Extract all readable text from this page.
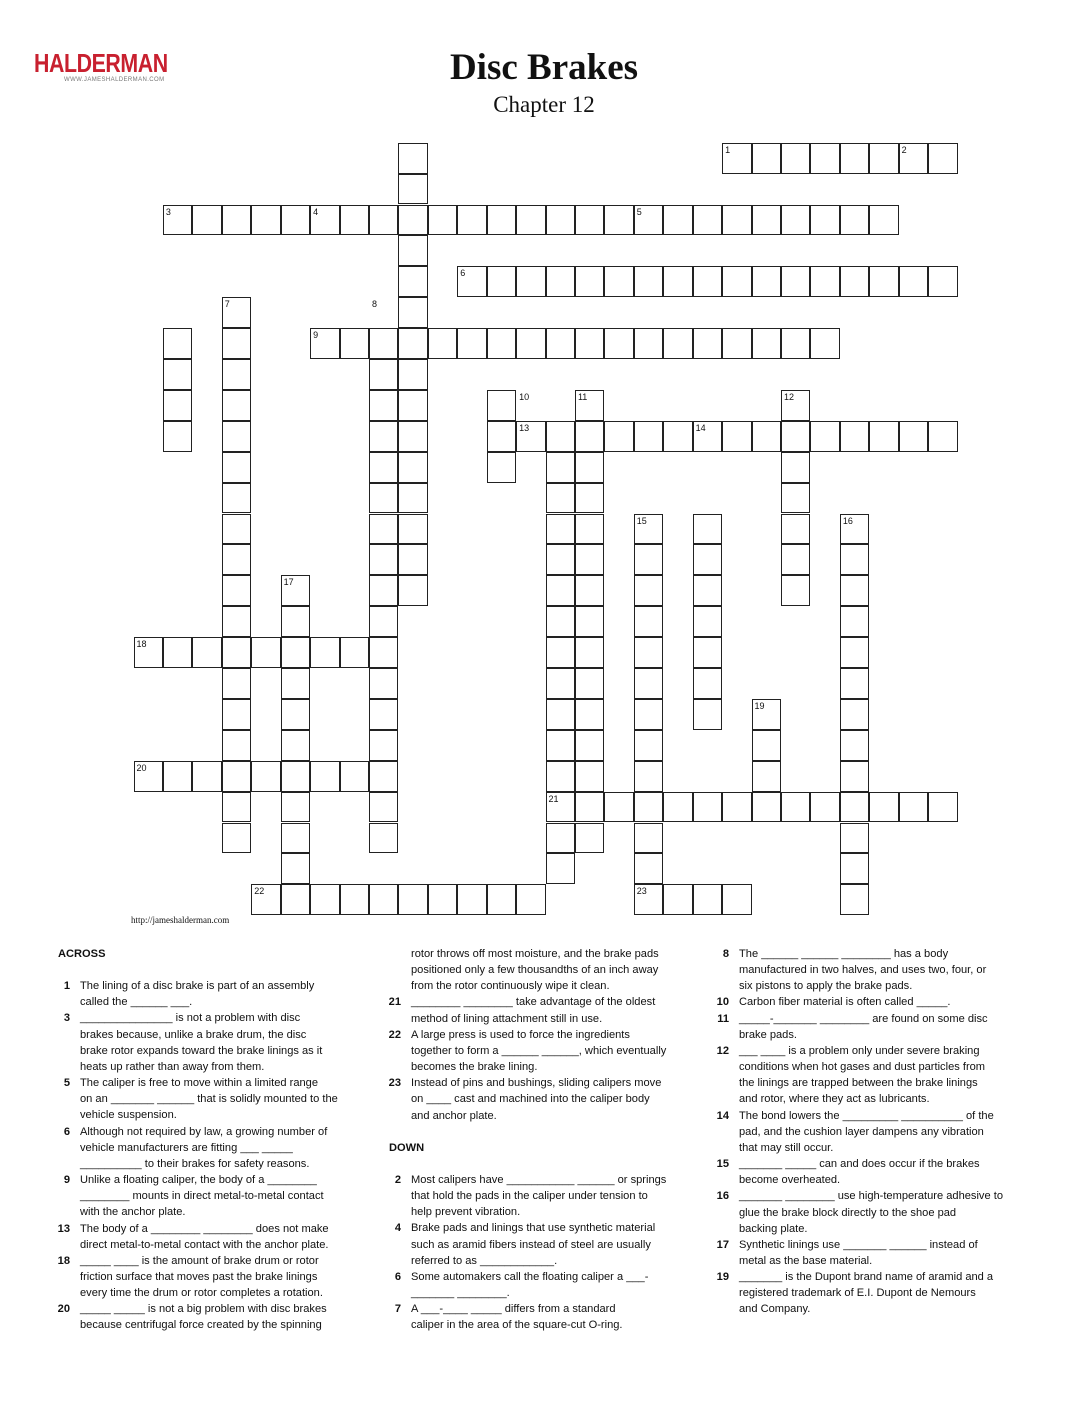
HALDERMAN
WWW.JAMESHALDERMAN.COM	Disc Brakes
Chapter 12
1	2
3	4	5
6
7	8
9
10	11	12
13	14
15	16
17
18
19
20
21
22	23
http://jameshalderman.com
ACROSS
1 The lining of a disc brake is part of an assembly
called the ______ ___.
3 _______________ is not a problem with disc
brakes because, unlike a brake drum, the disc
brake rotor expands toward the brake linings as it
heats up rather than away from them.
5 The caliper is free to move within a limited range
on an _______ ______ that is solidly mounted to the
vehicle suspension.
6 Although not required by law, a growing number of
vehicle manufacturers are fitting ___ _____
__________ to their brakes for safety reasons.
9 Unlike a floating caliper, the body of a ________
________ mounts in direct metal-to-metal contact
with the anchor plate.
13 The body of a ________ ________ does not make
direct metal-to-metal contact with the anchor plate.
18 _____ ____ is the amount of brake drum or rotor
friction surface that moves past the brake linings
every time the drum or rotor completes a rotation.
20 _____ _____ is not a big problem with disc brakes
because centrifugal force created by the spinning
rotor throws off most moisture, and the brake pads
positioned only a few thousandths of an inch away
from the rotor continuously wipe it clean.
21 ________ ________ take advantage of the oldest
method of lining attachment still in use.
22 A large press is used to force the ingredients
together to form a ______ ______, which eventually
becomes the brake lining.
23 Instead of pins and bushings, sliding calipers move
on ____ cast and machined into the caliper body
and anchor plate.
DOWN
2 Most calipers have ___________ ______ or springs
that hold the pads in the caliper under tension to
help prevent vibration.
4 Brake pads and linings that use synthetic material
such as aramid fibers instead of steel are usually
referred to as ____________.
6 Some automakers call the floating caliper a ___-
_______ ________.
7 A ___-____ _____ differs from a standard
caliper in the area of the square-cut O-ring.
8 The ______ ______ ________ has a body
manufactured in two halves, and uses two, four, or
six pistons to apply the brake pads.
10 Carbon fiber material is often called _____.
11 _____-_______ ________ are found on some disc
brake pads.
12 ___ ____ is a problem only under severe braking
conditions when hot gases and dust particles from
the linings are trapped between the brake linings
and rotor, where they act as lubricants.
14 The bond lowers the _________ __________ of the
pad, and the cushion layer dampens any vibration
that may still occur.
15 _______ _____ can and does occur if the brakes
become overheated.
16 _______ ________ use high-temperature adhesive to
glue the brake block directly to the shoe pad
backing plate.
17 Synthetic linings use _______ ______ instead of
metal as the base material.
19 _______ is the Dupont brand name of aramid and a
registered trademark of E.I. Dupont de Nemours
and Company.
